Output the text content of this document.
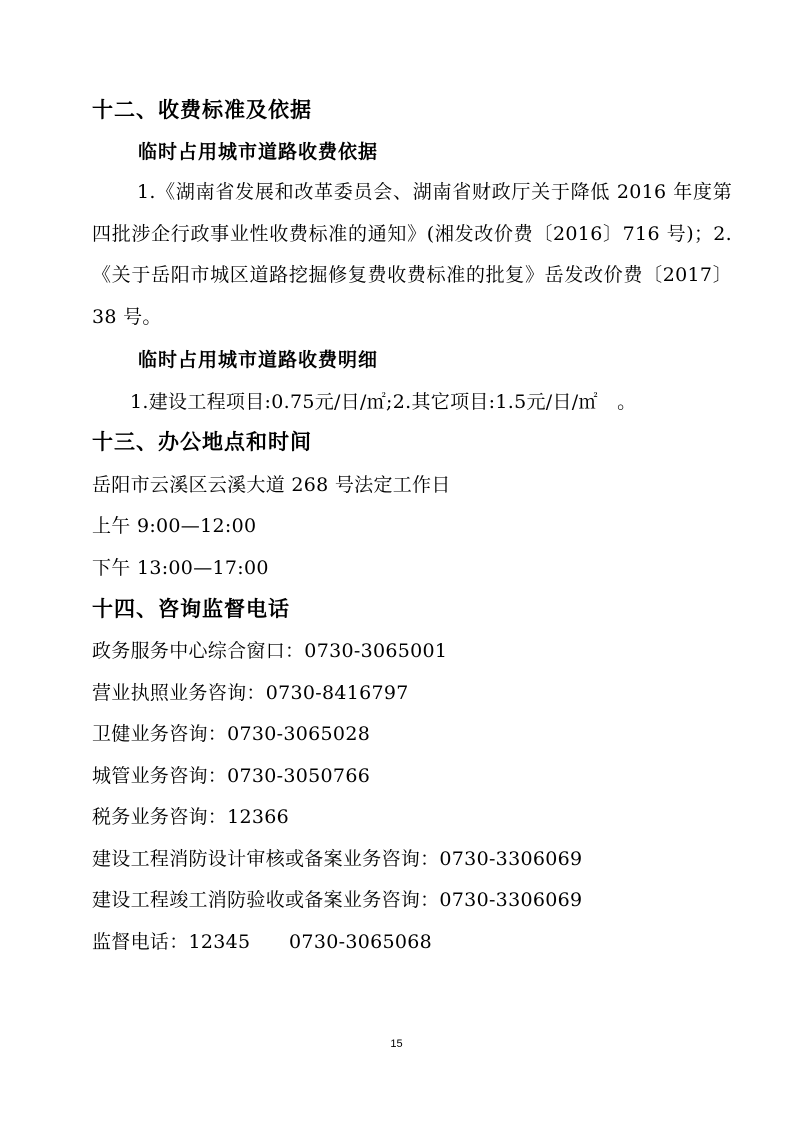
十二、收费标准及依据
临时占用城市道路收费依据
1.《湖南省发展和改革委员会、湖南省财政厅关于降低 2016 年度第四批涉企行政事业性收费标准的通知》(湘发改价费〔2016〕716 号)；2.《关于岳阳市城区道路挖掘修复费收费标准的批复》岳发改价费〔2017〕38 号。
临时占用城市道路收费明细
1.建设工程项目:0.75元/日/㎡;2.其它项目:1.5元/日/㎡　。
十三、办公地点和时间
岳阳市云溪区云溪大道 268 号法定工作日
上午 9:00—12:00
下午 13:00—17:00
十四、咨询监督电话
政务服务中心综合窗口：0730-3065001
营业执照业务咨询：0730-8416797
卫健业务咨询：0730-3065028
城管业务咨询：0730-3050766
税务业务咨询：12366
建设工程消防设计审核或备案业务咨询：0730-3306069
建设工程竣工消防验收或备案业务咨询：0730-3306069
监督电话：12345　　0730-3065068
15
